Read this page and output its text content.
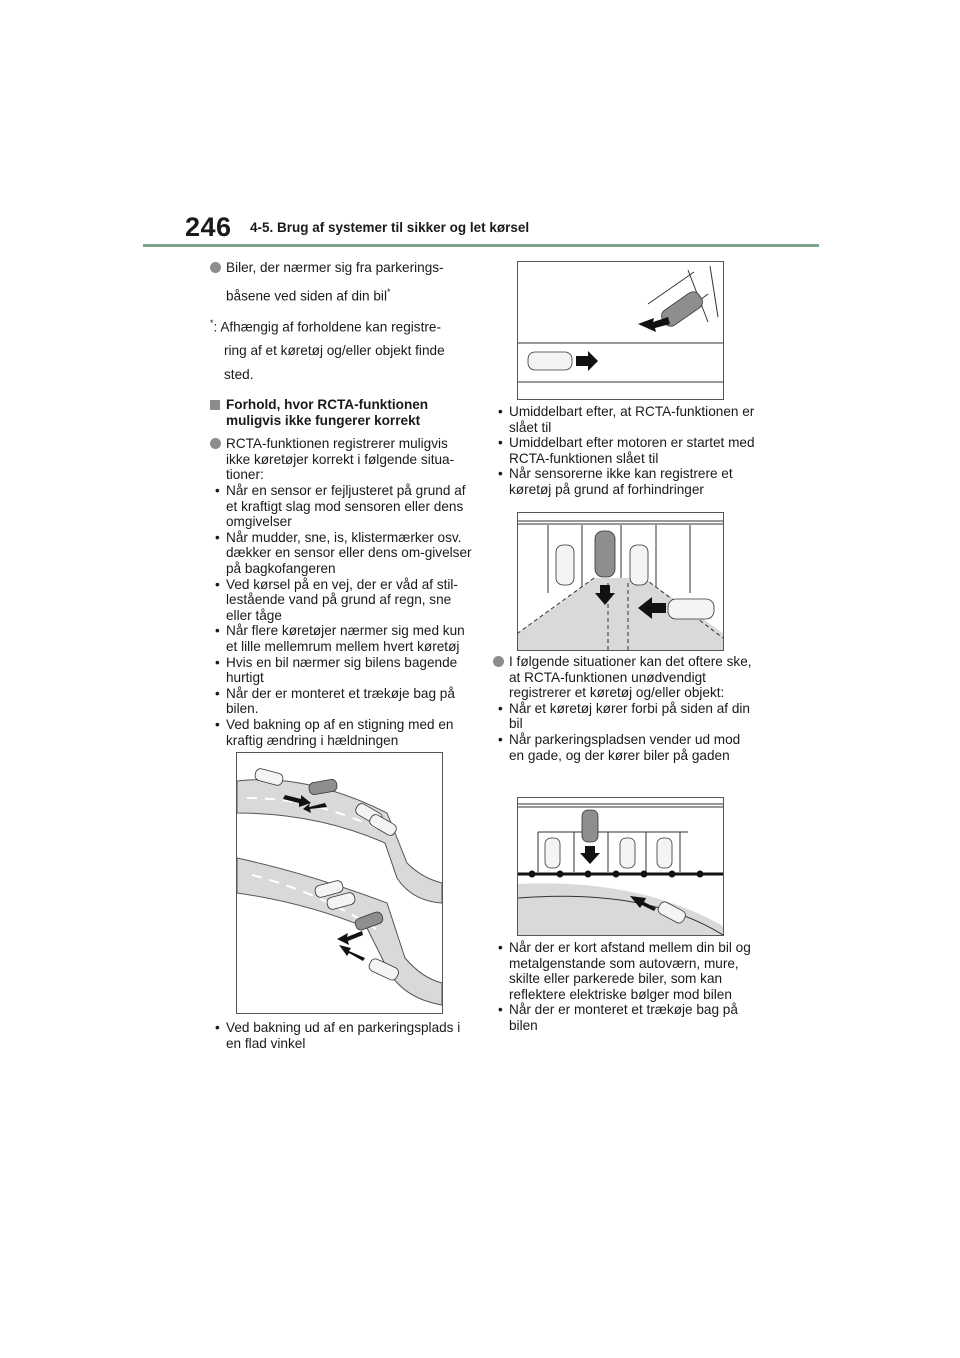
246 4-5. Brug af systemer til sikker og let kørsel
Biler, der nærmer sig fra parkerings-
båsene ved siden af din bil*
*: Afhængig af forholdene kan registre-
ring af et køretøj og/eller objekt finde
sted.
Forhold, hvor RCTA-funktionen muligvis ikke fungerer korrekt
RCTA-funktionen registrerer muligvis ikke køretøjer korrekt i følgende situa-tioner:
• Når en sensor er fejljusteret på grund af et kraftigt slag mod sensoren eller dens omgivelser
• Når mudder, sne, is, klistermærker osv. dækker en sensor eller dens om-givelser på bagkofangeren
• Ved kørsel på en vej, der er våd af stil-lestående vand på grund af regn, sne eller tåge
• Når flere køretøjer nærmer sig med kun et lille mellemrum mellem hvert køretøj
• Hvis en bil nærmer sig bilens bagende hurtigt
• Når der er monteret et trækøje bag på bilen.
• Ved bakning op af en stigning med en kraftig ændring i hældningen
• Ved bakning ud af en parkeringsplads i en flad vinkel
• Umiddelbart efter, at RCTA-funktionen er slået til
• Umiddelbart efter motoren er startet med RCTA-funktionen slået til
• Når sensorerne ikke kan registrere et køretøj på grund af forhindringer
I følgende situationer kan det oftere ske, at RCTA-funktionen unødvendigt registrerer et køretøj og/eller objekt:
• Når et køretøj kører forbi på siden af din bil
• Når parkeringspladsen vender ud mod en gade, og der kører biler på gaden
• Når der er kort afstand mellem din bil og metalgenstande som autoværn, mure, skilte eller parkerede biler, som kan reflektere elektriske bølger mod bilen
• Når der er monteret et trækøje bag på bilen
